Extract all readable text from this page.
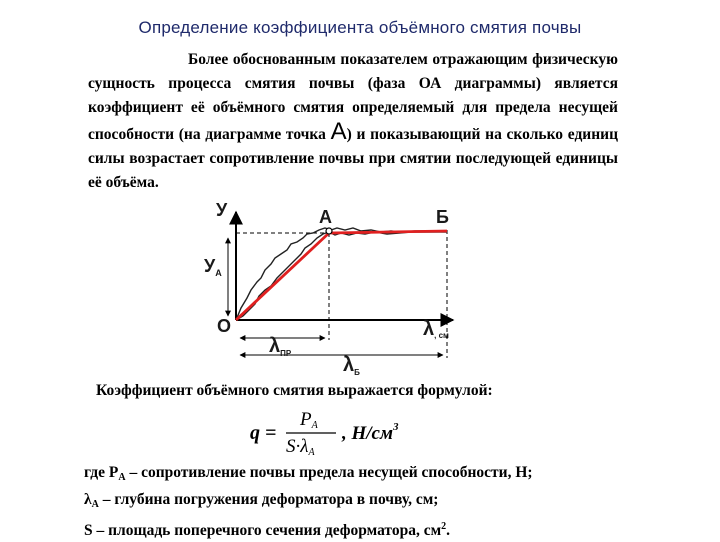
Определение коэффициента объёмного смятия почвы

Более обоснованным показателем отражающим физическую сущность процесса смятия почвы (фаза ОА диаграммы) является коэффициент её объёмного смятия определяемый для предела несущей способности (на диаграмме точка А) и показывающий на сколько единиц силы возрастает сопротивление почвы при смятии последующей единицы её объёма.

У
$У_А$
О
А	Б
$\lambda_{ПР}$
$\lambda_Б$
λ, см
Коэффициент объёмного смятия выражается формулой:
q =
PA
S·λA
, $Н/см^3$
где $P_A$ – сопротивление почвы предела несущей способности, Н;
$\lambda_A$ – глубина погружения деформатора в почву, см;
S – площадь поперечного сечения деформатора, $см^2$.
